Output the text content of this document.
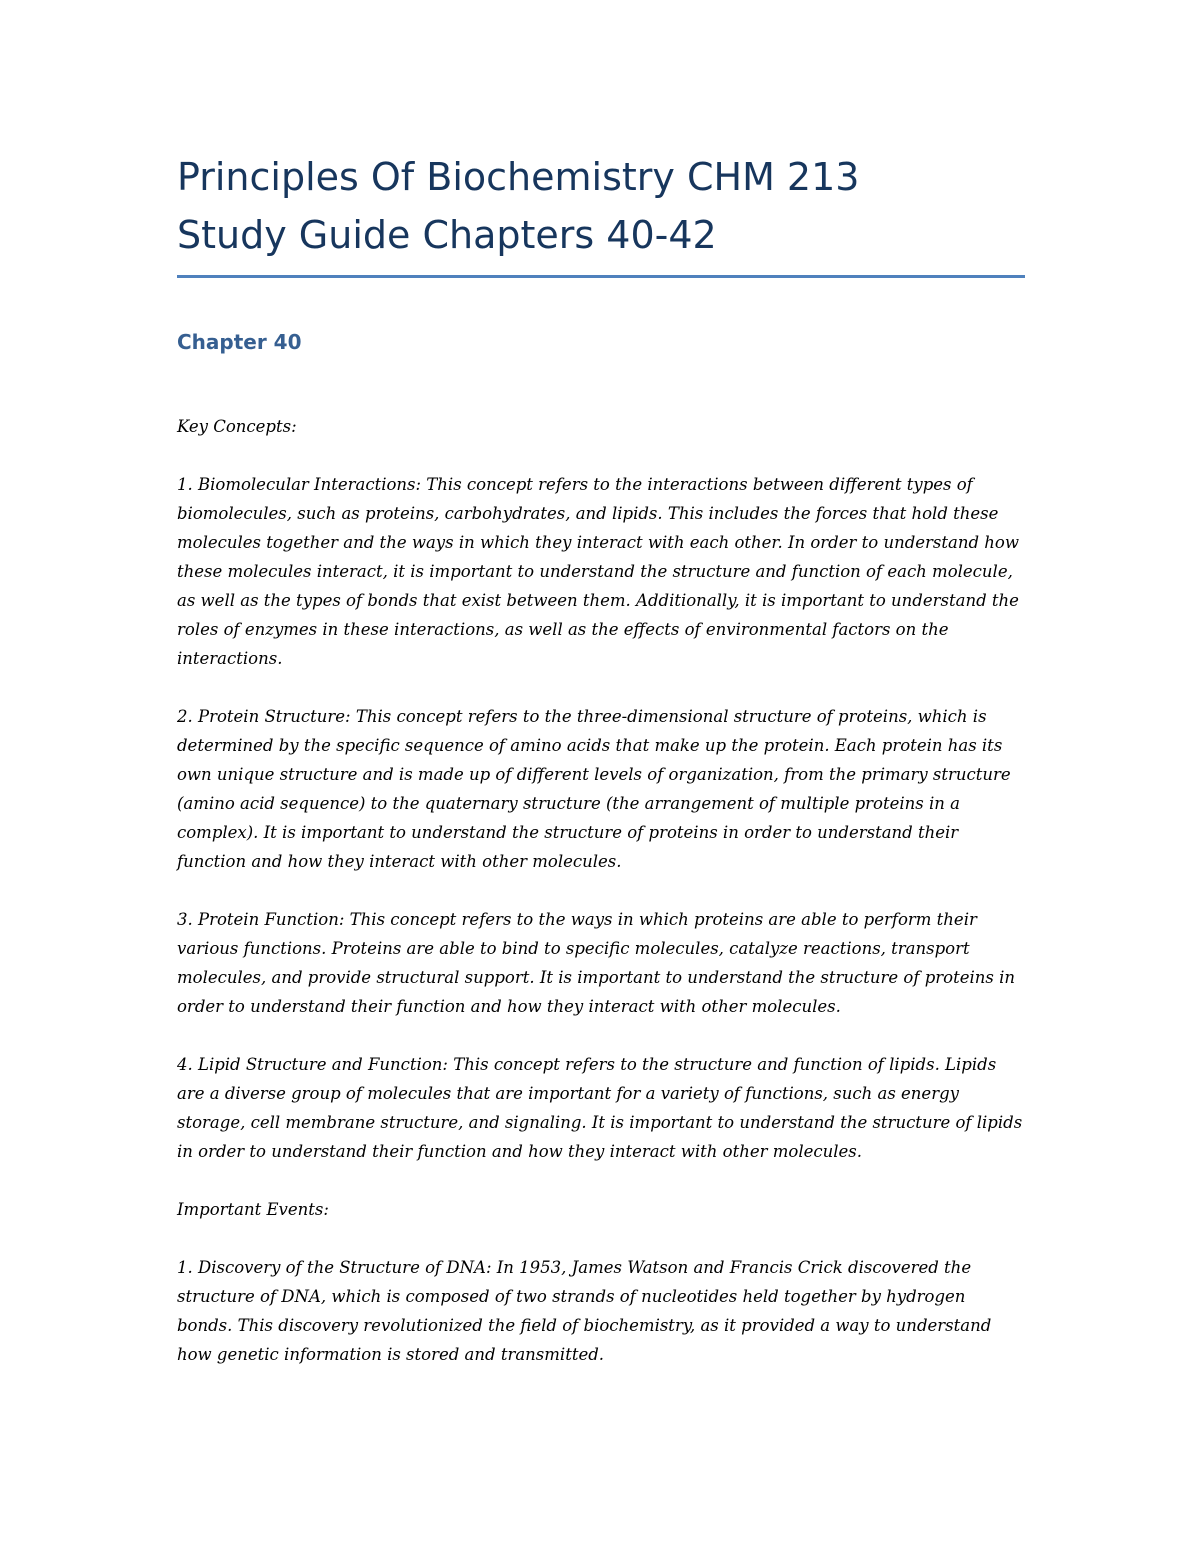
Principles Of Biochemistry CHM 213
Study Guide Chapters 40-42
Chapter 40

Key Concepts:

1. Biomolecular Interactions: This concept refers to the interactions between different types of biomolecules, such as proteins, carbohydrates, and lipids. This includes the forces that hold these molecules together and the ways in which they interact with each other. In order to understand how these molecules interact, it is important to understand the structure and function of each molecule, as well as the types of bonds that exist between them. Additionally, it is important to understand the roles of enzymes in these interactions, as well as the effects of environmental factors on the interactions.

2. Protein Structure: This concept refers to the three-dimensional structure of proteins, which is determined by the specific sequence of amino acids that make up the protein. Each protein has its own unique structure and is made up of different levels of organization, from the primary structure (amino acid sequence) to the quaternary structure (the arrangement of multiple proteins in a complex). It is important to understand the structure of proteins in order to understand their function and how they interact with other molecules.

3. Protein Function: This concept refers to the ways in which proteins are able to perform their various functions. Proteins are able to bind to specific molecules, catalyze reactions, transport molecules, and provide structural support. It is important to understand the structure of proteins in order to understand their function and how they interact with other molecules.

4. Lipid Structure and Function: This concept refers to the structure and function of lipids. Lipids are a diverse group of molecules that are important for a variety of functions, such as energy storage, cell membrane structure, and signaling. It is important to understand the structure of lipids in order to understand their function and how they interact with other molecules.

Important Events:

1. Discovery of the Structure of DNA: In 1953, James Watson and Francis Crick discovered the structure of DNA, which is composed of two strands of nucleotides held together by hydrogen bonds. This discovery revolutionized the field of biochemistry, as it provided a way to understand how genetic information is stored and transmitted.
